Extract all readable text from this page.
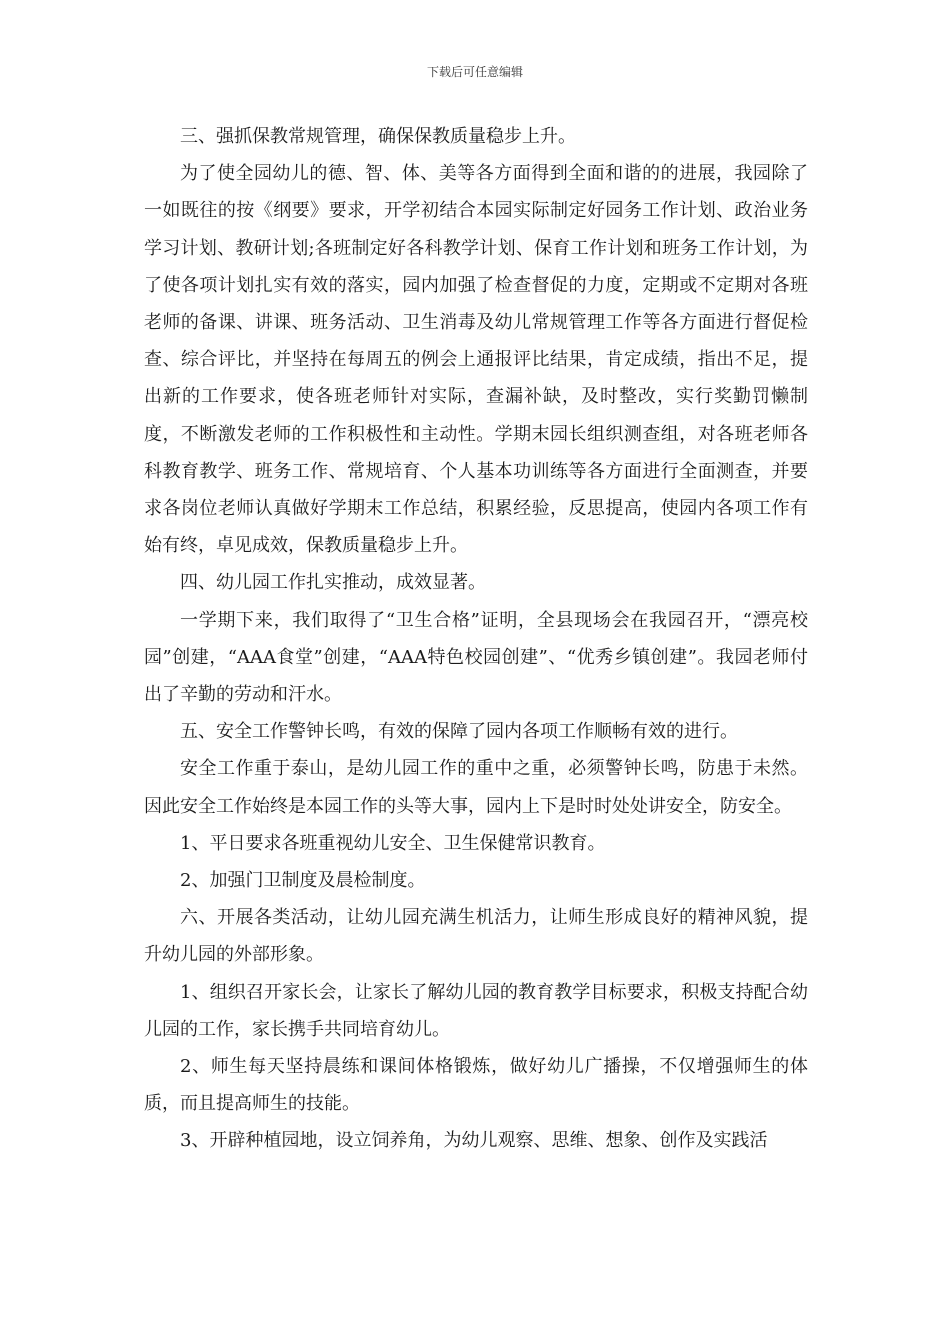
下载后可任意编辑

三、强抓保教常规管理，确保保教质量稳步上升。

为了使全园幼儿的德、智、体、美等各方面得到全面和谐的的进展，我园除了一如既往的按《纲要》要求，开学初结合本园实际制定好园务工作计划、政治业务学习计划、教研计划;各班制定好各科教学计划、保育工作计划和班务工作计划，为了使各项计划扎实有效的落实，园内加强了检查督促的力度，定期或不定期对各班老师的备课、讲课、班务活动、卫生消毒及幼儿常规管理工作等各方面进行督促检查、综合评比，并坚持在每周五的例会上通报评比结果，肯定成绩，指出不足，提出新的工作要求，使各班老师针对实际，查漏补缺，及时整改，实行奖勤罚懒制度，不断激发老师的工作积极性和主动性。学期末园长组织测查组，对各班老师各科教育教学、班务工作、常规培育、个人基本功训练等各方面进行全面测查，并要求各岗位老师认真做好学期末工作总结，积累经验，反思提高，使园内各项工作有始有终，卓见成效，保教质量稳步上升。

四、幼儿园工作扎实推动，成效显著。

一学期下来，我们取得了“卫生合格”证明，全县现场会在我园召开，“漂亮校园”创建，“AAA食堂”创建，“AAA特色校园创建”、“优秀乡镇创建”。我园老师付出了辛勤的劳动和汗水。

五、安全工作警钟长鸣，有效的保障了园内各项工作顺畅有效的进行。

安全工作重于泰山，是幼儿园工作的重中之重，必须警钟长鸣，防患于未然。因此安全工作始终是本园工作的头等大事，园内上下是时时处处讲安全，防安全。

1、平日要求各班重视幼儿安全、卫生保健常识教育。

2、加强门卫制度及晨检制度。

六、开展各类活动，让幼儿园充满生机活力，让师生形成良好的精神风貌，提升幼儿园的外部形象。

1、组织召开家长会，让家长了解幼儿园的教育教学目标要求，积极支持配合幼儿园的工作，家长携手共同培育幼儿。

2、师生每天坚持晨练和课间体格锻炼，做好幼儿广播操，不仅增强师生的体质，而且提高师生的技能。

3、开辟种植园地，设立饲养角，为幼儿观察、思维、想象、创作及实践活
